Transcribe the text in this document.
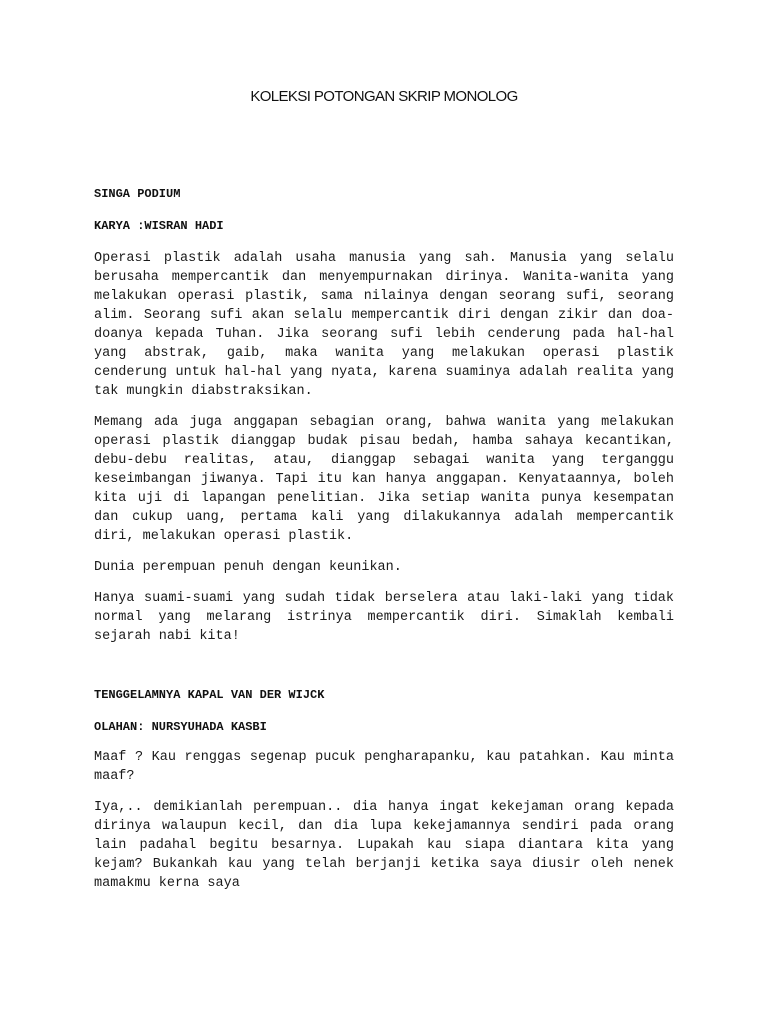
KOLEKSI POTONGAN SKRIP MONOLOG

SINGA PODIUM

KARYA :WISRAN HADI

Operasi plastik adalah usaha manusia yang sah. Manusia yang selalu berusaha mempercantik dan menyempurnakan dirinya. Wanita-wanita yang melakukan operasi plastik, sama nilainya dengan seorang sufi, seorang alim. Seorang sufi akan selalu mempercantik diri dengan zikir dan doa-doanya kepada Tuhan. Jika seorang sufi lebih cenderung pada hal-hal yang abstrak, gaib, maka wanita yang melakukan operasi plastik cenderung untuk hal-hal yang nyata, karena suaminya adalah realita yang tak mungkin diabstraksikan.

Memang ada juga anggapan sebagian orang, bahwa wanita yang melakukan operasi plastik dianggap budak pisau bedah, hamba sahaya kecantikan, debu-debu realitas, atau, dianggap sebagai wanita yang terganggu keseimbangan jiwanya. Tapi itu kan hanya anggapan. Kenyataannya, boleh kita uji di lapangan penelitian. Jika setiap wanita punya kesempatan dan cukup uang, pertama kali yang dilakukannya adalah mempercantik diri, melakukan operasi plastik.

Dunia perempuan penuh dengan keunikan.

Hanya suami-suami yang sudah tidak berselera atau laki-laki yang tidak normal yang melarang istrinya mempercantik diri. Simaklah kembali sejarah nabi kita!

TENGGELAMNYA KAPAL VAN DER WIJCK

OLAHAN: NURSYUHADA KASBI

Maaf ? Kau renggas segenap pucuk pengharapanku, kau patahkan. Kau minta maaf?

Iya,.. demikianlah perempuan.. dia hanya ingat kekejaman orang kepada dirinya walaupun kecil, dan dia lupa kekejamannya sendiri pada orang lain padahal begitu besarnya. Lupakah kau siapa diantara kita yang kejam? Bukankah kau yang telah berjanji ketika saya diusir oleh nenek mamakmu kerna saya
